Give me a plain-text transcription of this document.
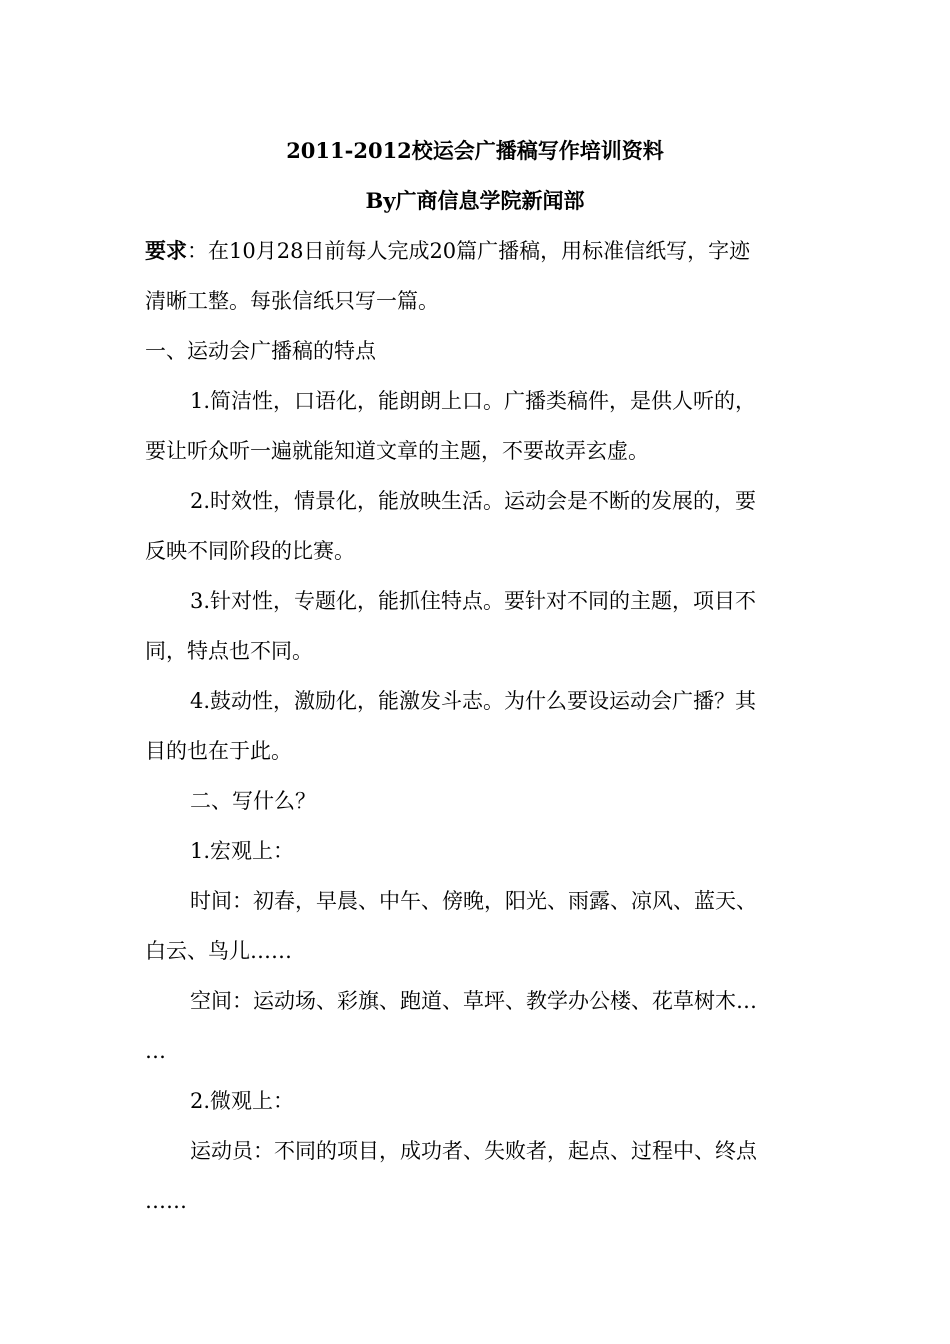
2011-2012校运会广播稿写作培训资料
By广商信息学院新闻部
要求：在10月28日前每人完成20篇广播稿，用标准信纸写，字迹
清晰工整。每张信纸只写一篇。
一、运动会广播稿的特点
1.简洁性，口语化，能朗朗上口。广播类稿件，是供人听的，
要让听众听一遍就能知道文章的主题，不要故弄玄虚。
2.时效性，情景化，能放映生活。运动会是不断的发展的，要
反映不同阶段的比赛。
3.针对性，专题化，能抓住特点。要针对不同的主题，项目不
同，特点也不同。
4.鼓动性，激励化，能激发斗志。为什么要设运动会广播？其
目的也在于此。
二、写什么？
1.宏观上：
时间：初春，早晨、中午、傍晚，阳光、雨露、凉风、蓝天、
白云、鸟儿……
空间：运动场、彩旗、跑道、草坪、教学办公楼、花草树木…
…
2.微观上：
运动员：不同的项目，成功者、失败者，起点、过程中、终点
……
